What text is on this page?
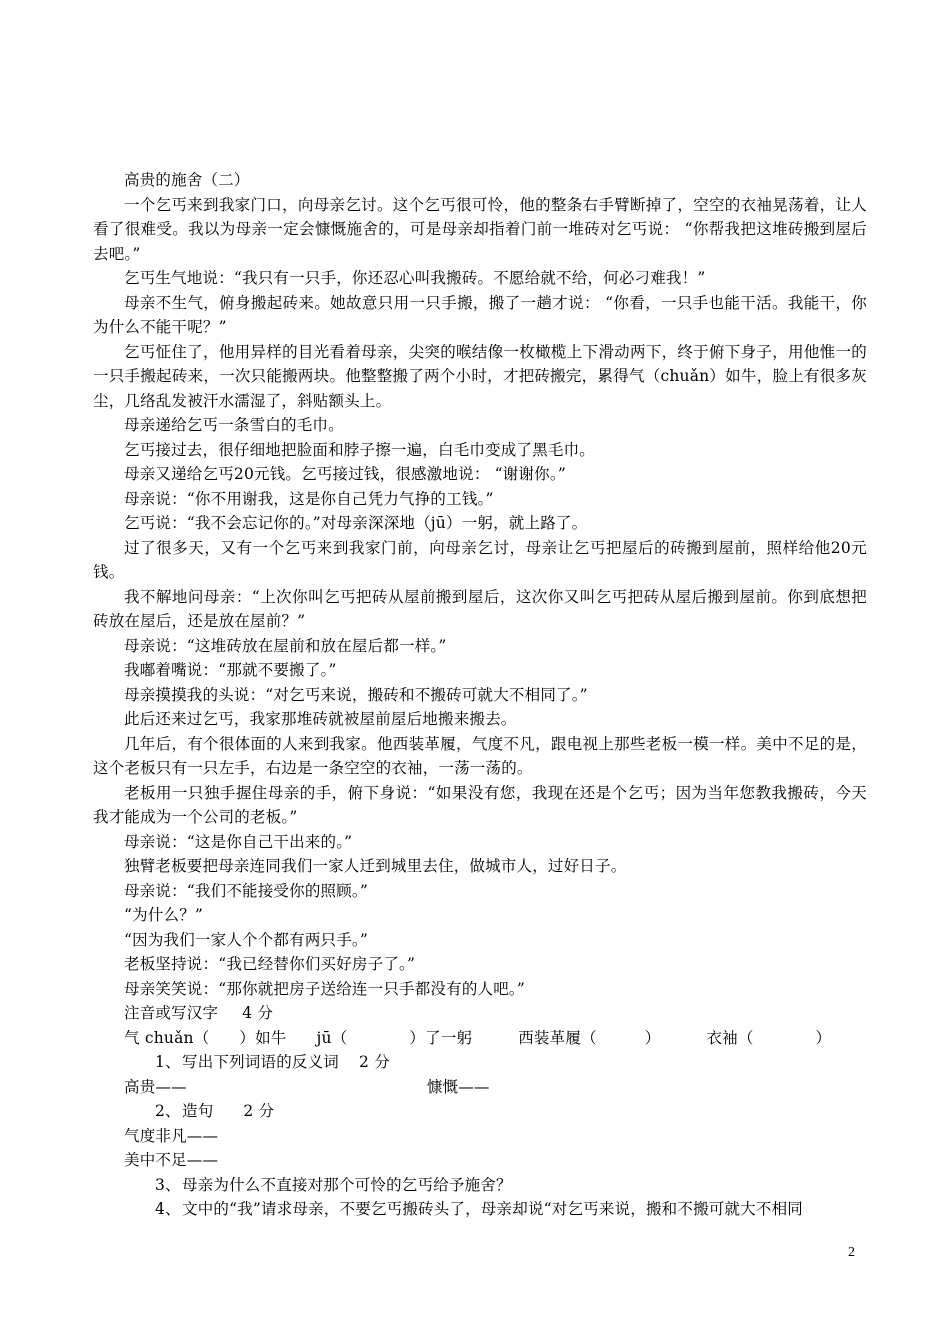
高贵的施舍（二）

一个乞丐来到我家门口，向母亲乞讨。这个乞丐很可怜，他的整条右手臂断掉了，空空的衣袖晃荡着，让人看了很难受。我以为母亲一定会慷慨施舍的，可是母亲却指着门前一堆砖对乞丐说： “你帮我把这堆砖搬到屋后去吧。”

乞丐生气地说：“我只有一只手，你还忍心叫我搬砖。不愿给就不给，何必刁难我！”

母亲不生气，俯身搬起砖来。她故意只用一只手搬，搬了一趟才说： “你看，一只手也能干活。我能干，你为什么不能干呢？”

乞丐怔住了，他用异样的目光看着母亲，尖突的喉结像一枚橄榄上下滑动两下，终于俯下身子，用他惟一的一只手搬起砖来，一次只能搬两块。他整整搬了两个小时，才把砖搬完，累得气（chuǎn）如牛，脸上有很多灰尘，几络乱发被汗水濡湿了，斜贴额头上。

母亲递给乞丐一条雪白的毛巾。

乞丐接过去，很仔细地把脸面和脖子擦一遍，白毛巾变成了黑毛巾。

母亲又递给乞丐20元钱。乞丐接过钱，很感激地说： “谢谢你。”

母亲说：“你不用谢我，这是你自己凭力气挣的工钱。”

乞丐说：“我不会忘记你的。”对母亲深深地（jū）一躬，就上路了。

过了很多天，又有一个乞丐来到我家门前，向母亲乞讨，母亲让乞丐把屋后的砖搬到屋前，照样给他20元钱。

我不解地问母亲：“上次你叫乞丐把砖从屋前搬到屋后，这次你又叫乞丐把砖从屋后搬到屋前。你到底想把砖放在屋后，还是放在屋前？”

母亲说：“这堆砖放在屋前和放在屋后都一样。”

我嘟着嘴说：“那就不要搬了。”

母亲摸摸我的头说：“对乞丐来说，搬砖和不搬砖可就大不相同了。”

此后还来过乞丐，我家那堆砖就被屋前屋后地搬来搬去。

几年后，有个很体面的人来到我家。他西装革履，气度不凡，跟电视上那些老板一模一样。美中不足的是，这个老板只有一只左手，右边是一条空空的衣袖，一荡一荡的。

老板用一只独手握住母亲的手，俯下身说：“如果没有您，我现在还是个乞丐；因为当年您教我搬砖，今天我才能成为一个公司的老板。”

母亲说：“这是你自己干出来的。”

独臂老板要把母亲连同我们一家人迁到城里去住，做城市人，过好日子。

母亲说：“我们不能接受你的照顾。”

“为什么？”

“因为我们一家人个个都有两只手。”

老板坚持说：“我已经替你们买好房子了。”

母亲笑笑说：“那你就把房子送给连一只手都没有的人吧。”

注音或写汉字 4 分

气 chuǎn（ ）如牛 jū（	）了一躬	西装革履（	）	衣袖（	）

1、写出下列词语的反义词 2 分

高贵——	慷慨——

2、造句 2 分

气度非凡——

美中不足——

3、母亲为什么不直接对那个可怜的乞丐给予施舍？

4、文中的“我”请求母亲，不要乞丐搬砖头了，母亲却说“对乞丐来说，搬和不搬可就大不相同

2
